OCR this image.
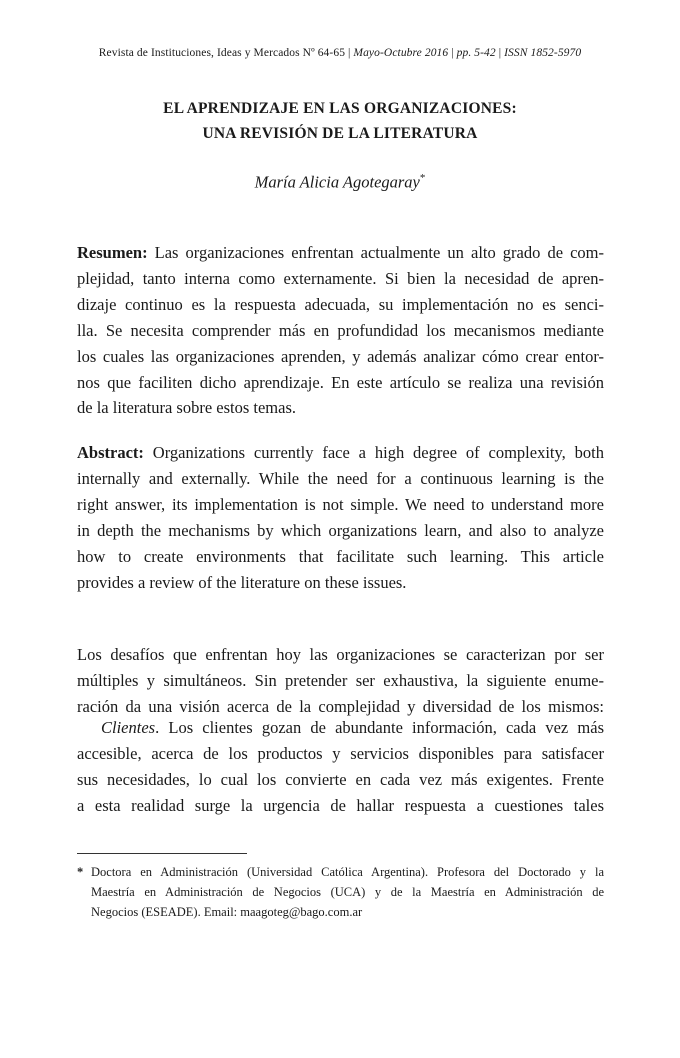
Revista de Instituciones, Ideas y Mercados Nº 64-65 | Mayo-Octubre 2016 | pp. 5-42 | ISSN 1852-5970
EL APRENDIZAJE EN LAS ORGANIZACIONES:
UNA REVISIÓN DE LA LITERATURA
María Alicia Agotegaray*
Resumen: Las organizaciones enfrentan actualmente un alto grado de com-
plejidad, tanto interna como externamente. Si bien la necesidad de apren-
dizaje continuo es la respuesta adecuada, su implementación no es senci-
lla. Se necesita comprender más en profundidad los mecanismos mediante
los cuales las organizaciones aprenden, y además analizar cómo crear entor-
nos que faciliten dicho aprendizaje. En este artículo se realiza una revisión
de la literatura sobre estos temas.
Abstract: Organizations currently face a high degree of complexity, both
internally and externally. While the need for a continuous learning is the
right answer, its implementation is not simple. We need to understand more
in depth the mechanisms by which organizations learn, and also to analyze
how to create environments that facilitate such learning. This article
provides a review of the literature on these issues.
Los desafíos que enfrentan hoy las organizaciones se caracterizan por ser
múltiples y simultáneos. Sin pretender ser exhaustiva, la siguiente enume-
ración da una visión acerca de la complejidad y diversidad de los mismos:
Clientes. Los clientes gozan de abundante información, cada vez más
accesible, acerca de los productos y servicios disponibles para satisfacer
sus necesidades, lo cual los convierte en cada vez más exigentes. Frente
a esta realidad surge la urgencia de hallar respuesta a cuestiones tales
* Doctora en Administración (Universidad Católica Argentina). Profesora del Doctorado y la
Maestría en Administración de Negocios (UCA) y de la Maestría en Administración de
Negocios (ESEADE). Email: maagoteg@bago.com.ar
